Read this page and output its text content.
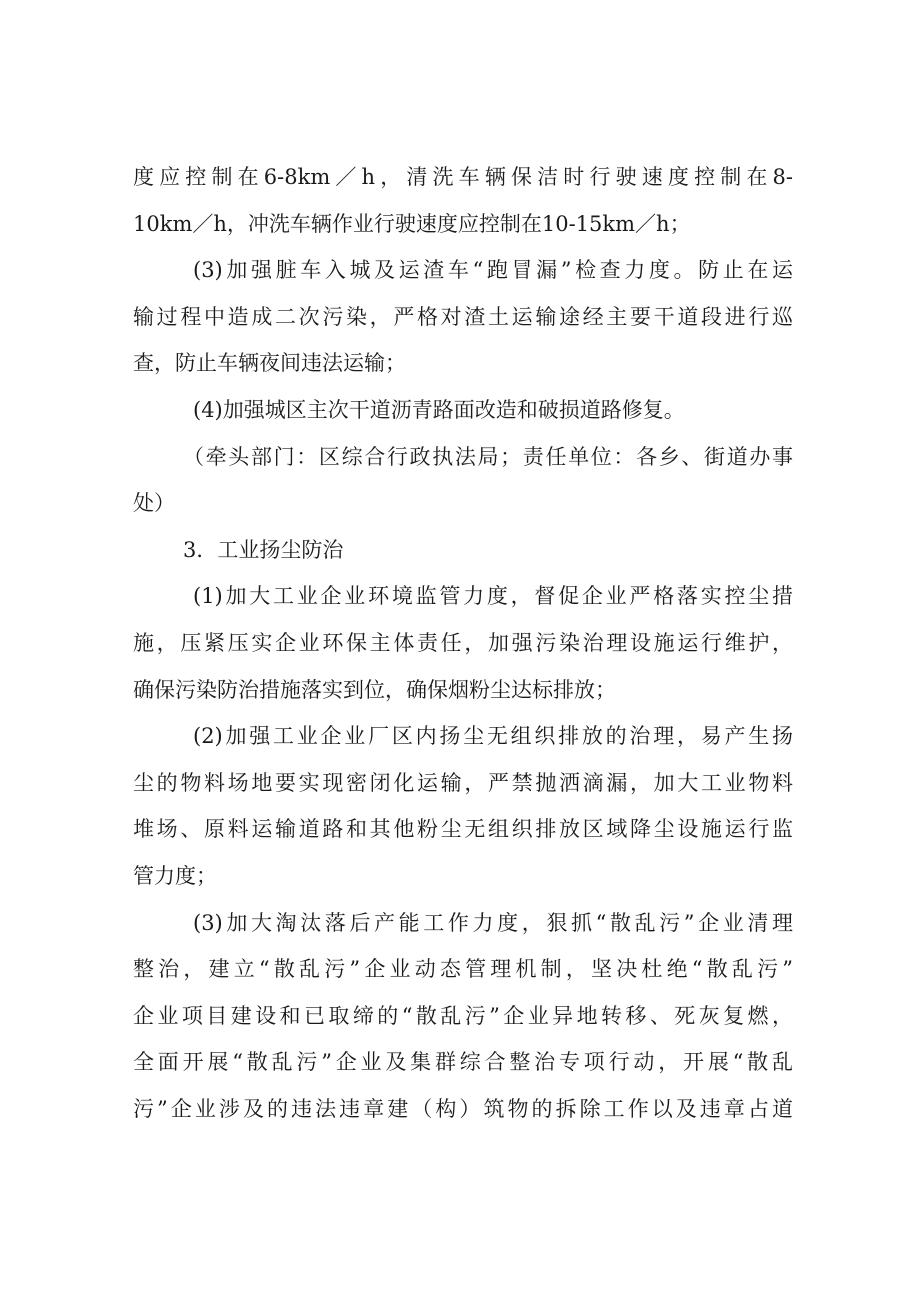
度应控制在6-8km／h，清洗车辆保洁时行驶速度控制在8-
10km／h，冲洗车辆作业行驶速度应控制在10-15km／h；
(3)加强脏车入城及运渣车“跑冒漏”检查力度。防止在运
输过程中造成二次污染，严格对渣土运输途经主要干道段进行巡
查，防止车辆夜间违法运输；
(4)加强城区主次干道沥青路面改造和破损道路修复。
（牵头部门：区综合行政执法局；责任单位：各乡、街道办事
处）
3．工业扬尘防治
(1)加大工业企业环境监管力度，督促企业严格落实控尘措
施，压紧压实企业环保主体责任，加强污染治理设施运行维护，
确保污染防治措施落实到位，确保烟粉尘达标排放；
(2)加强工业企业厂区内扬尘无组织排放的治理，易产生扬
尘的物料场地要实现密闭化运输，严禁抛洒滴漏，加大工业物料
堆场、原料运输道路和其他粉尘无组织排放区域降尘设施运行监
管力度；
(3)加大淘汰落后产能工作力度，狠抓“散乱污”企业清理
整治，建立“散乱污”企业动态管理机制，坚决杜绝“散乱污”
企业项目建设和已取缔的“散乱污”企业异地转移、死灰复燃，
全面开展“散乱污”企业及集群综合整治专项行动，开展“散乱
污”企业涉及的违法违章建（构）筑物的拆除工作以及违章占道
